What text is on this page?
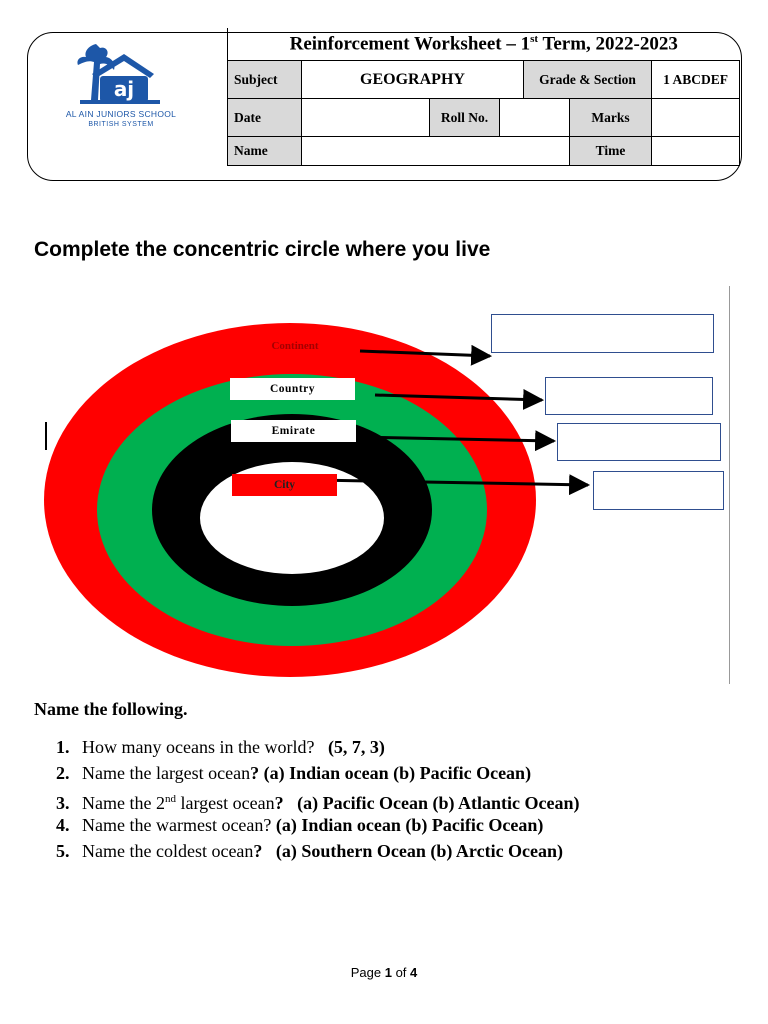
aj
AL AIN JUNIORS SCHOOL
BRITISH SYSTEM
Reinforcement Worksheet – 1st Term, 2022-2023						
Subject	GEOGRAPHY			Grade & Section		1 ABCDEF
Date		Roll No.			Marks	
Name					Time	
Complete the concentric circle where you live
Continent
Country
Emirate
City

Name the following.

1. How many oceans in the world? (5, 7, 3)
2. Name the largest ocean? (a) Indian ocean (b) Pacific Ocean)
3. Name the 2nd largest ocean?   (a) Pacific Ocean (b) Atlantic Ocean)
4. Name the warmest ocean? (a) Indian ocean (b) Pacific Ocean)
5. Name the coldest ocean?   (a) Southern Ocean (b) Arctic Ocean)
Page 1 of 4
